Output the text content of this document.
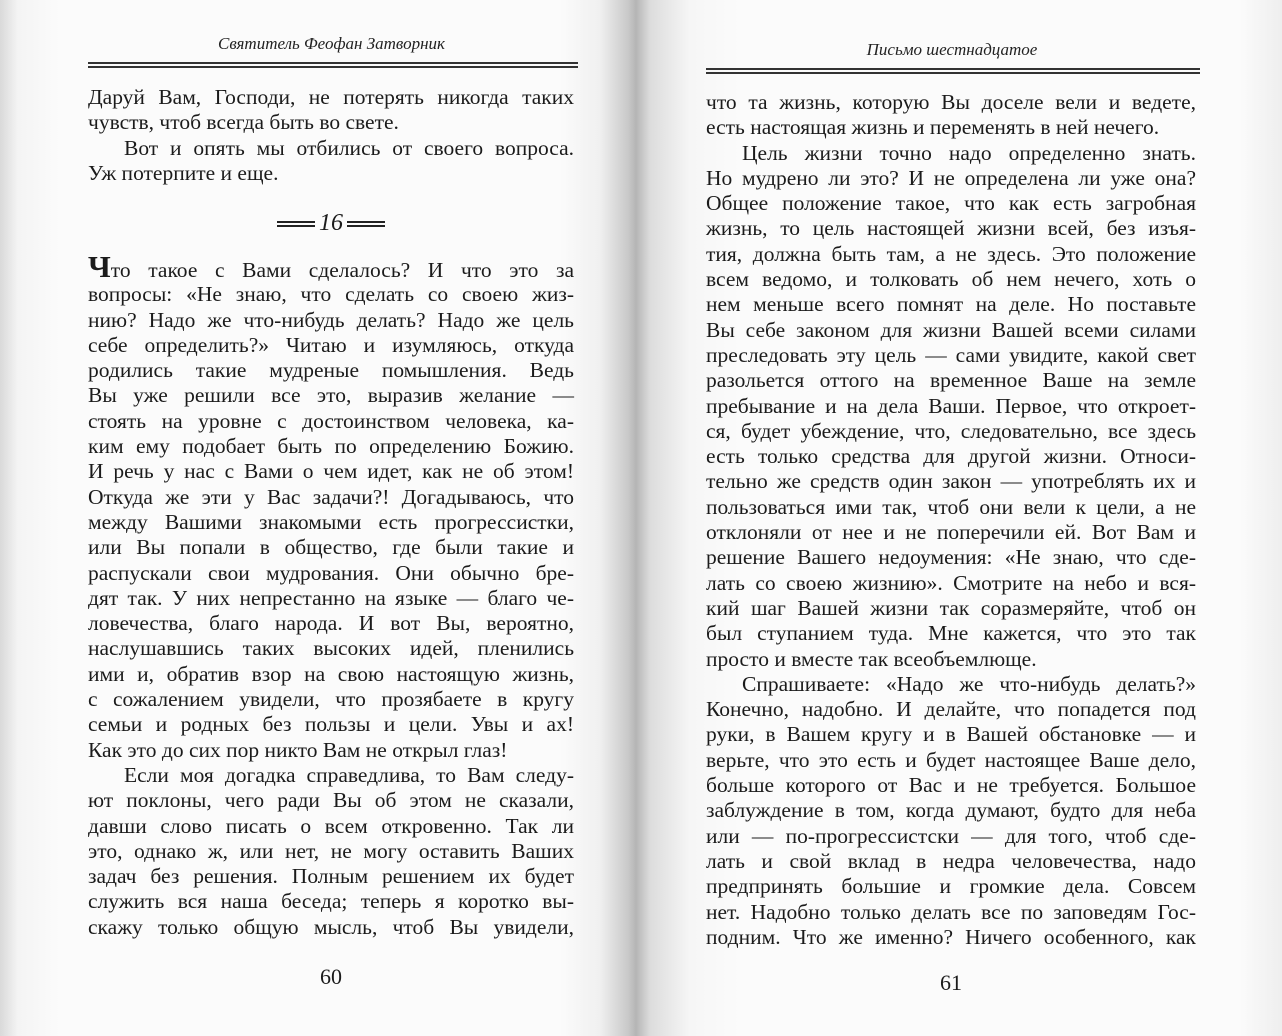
Святитель Феофан Затворник
Даруй Вам, Господи, не потерять никогда таких
чувств, чтоб всегда быть во свете.
Вот и опять мы отбились от своего вопроса.
Уж потерпите и еще.
16
Что такое с Вами сделалось? И что это за
вопросы: «Не знаю, что сделать со своею жиз-
нию? Надо же что-нибудь делать? Надо же цель
себе определить?» Читаю и изумляюсь, откуда
родились такие мудреные помышления. Ведь
Вы уже решили все это, выразив желание —
стоять на уровне с достоинством человека, ка-
ким ему подобает быть по определению Божию.
И речь у нас с Вами о чем идет, как не об этом!
Откуда же эти у Вас задачи?! Догадываюсь, что
между Вашими знакомыми есть прогрессистки,
или Вы попали в общество, где были такие и
распускали свои мудрования. Они обычно бре-
дят так. У них непрестанно на языке — благо че-
ловечества, благо народа. И вот Вы, вероятно,
наслушавшись таких высоких идей, пленились
ими и, обратив взор на свою настоящую жизнь,
с сожалением увидели, что прозябаете в кругу
семьи и родных без пользы и цели. Увы и ах!
Как это до сих пор никто Вам не открыл глаз!
Если моя догадка справедлива, то Вам следу-
ют поклоны, чего ради Вы об этом не сказали,
давши слово писать о всем откровенно. Так ли
это, однако ж, или нет, не могу оставить Ваших
задач без решения. Полным решением их будет
служить вся наша беседа; теперь я коротко вы-
скажу только общую мысль, чтоб Вы увидели,
60
Письмо шестнадцатое
что та жизнь, которую Вы доселе вели и ведете,
есть настоящая жизнь и переменять в ней нечего.
Цель жизни точно надо определенно знать.
Но мудрено ли это? И не определена ли уже она?
Общее положение такое, что как есть загробная
жизнь, то цель настоящей жизни всей, без изъя-
тия, должна быть там, а не здесь. Это положение
всем ведомо, и толковать об нем нечего, хоть о
нем меньше всего помнят на деле. Но поставьте
Вы себе законом для жизни Вашей всеми силами
преследовать эту цель — сами увидите, какой свет
разольется оттого на временное Ваше на земле
пребывание и на дела Ваши. Первое, что откроет-
ся, будет убеждение, что, следовательно, все здесь
есть только средства для другой жизни. Относи-
тельно же средств один закон — употреблять их и
пользоваться ими так, чтоб они вели к цели, а не
отклоняли от нее и не поперечили ей. Вот Вам и
решение Вашего недоумения: «Не знаю, что сде-
лать со своею жизнию». Смотрите на небо и вся-
кий шаг Вашей жизни так соразмеряйте, чтоб он
был ступанием туда. Мне кажется, что это так
просто и вместе так всеобъемлюще.
Спрашиваете: «Надо же что-нибудь делать?»
Конечно, надобно. И делайте, что попадется под
руки, в Вашем кругу и в Вашей обстановке — и
верьте, что это есть и будет настоящее Ваше дело,
больше которого от Вас и не требуется. Большое
заблуждение в том, когда думают, будто для неба
или — по-прогрессистски — для того, чтоб сде-
лать и свой вклад в недра человечества, надо
предпринять большие и громкие дела. Совсем
нет. Надобно только делать все по заповедям Гос-
подним. Что же именно? Ничего особенного, как
61
